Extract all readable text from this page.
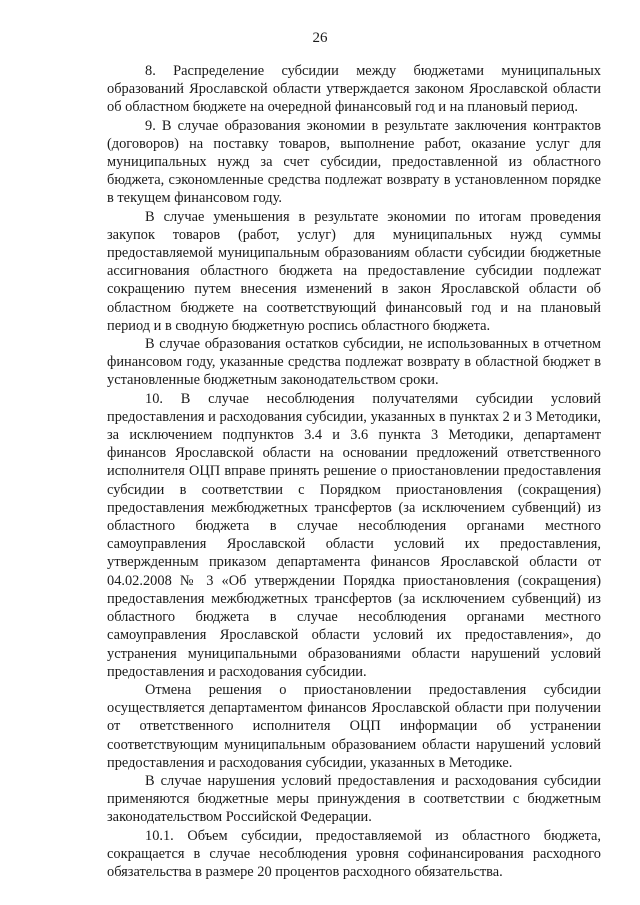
26

8. Распределение субсидии между бюджетами муниципальных образований Ярославской области утверждается законом Ярославской области об областном бюджете на очередной финансовый год и на плановый период.

9. В случае образования экономии в результате заключения контрактов (договоров) на поставку товаров, выполнение работ, оказание услуг для муниципальных нужд за счет субсидии, предоставленной из областного бюджета, сэкономленные средства подлежат возврату в установленном порядке в текущем финансовом году.

В случае уменьшения в результате экономии по итогам проведения закупок товаров (работ, услуг) для муниципальных нужд суммы предоставляемой муниципальным образованиям области субсидии бюджетные ассигнования областного бюджета на предоставление субсидии подлежат сокращению путем внесения изменений в закон Ярославской области об областном бюджете на соответствующий финансовый год и на плановый период и в сводную бюджетную роспись областного бюджета.

В случае образования остатков субсидии, не использованных в отчетном финансовом году, указанные средства подлежат возврату в областной бюджет в установленные бюджетным законодательством сроки.

10. В случае несоблюдения получателями субсидии условий предоставления и расходования субсидии, указанных в пунктах 2 и 3 Методики, за исключением подпунктов 3.4 и 3.6 пункта 3 Методики, департамент финансов Ярославской области на основании предложений ответственного исполнителя ОЦП вправе принять решение о приостановлении предоставления субсидии в соответствии с Порядком приостановления (сокращения) предоставления межбюджетных трансфертов (за исключением субвенций) из областного бюджета в случае несоблюдения органами местного самоуправления Ярославской области условий их предоставления, утвержденным приказом департамента финансов Ярославской области от 04.02.2008 № 3 «Об утверждении Порядка приостановления (сокращения) предоставления межбюджетных трансфертов (за исключением субвенций) из областного бюджета в случае несоблюдения органами местного самоуправления Ярославской области условий их предоставления», до устранения муниципальными образованиями области нарушений условий предоставления и расходования субсидии.

Отмена решения о приостановлении предоставления субсидии осуществляется департаментом финансов Ярославской области при получении от ответственного исполнителя ОЦП информации об устранении соответствующим муниципальным образованием области нарушений условий предоставления и расходования субсидии, указанных в Методике.

В случае нарушения условий предоставления и расходования субсидии применяются бюджетные меры принуждения в соответствии с бюджетным законодательством Российской Федерации.

10.1. Объем субсидии, предоставляемой из областного бюджета, сокращается в случае несоблюдения уровня софинансирования расходного обязательства в размере 20 процентов расходного обязательства.
